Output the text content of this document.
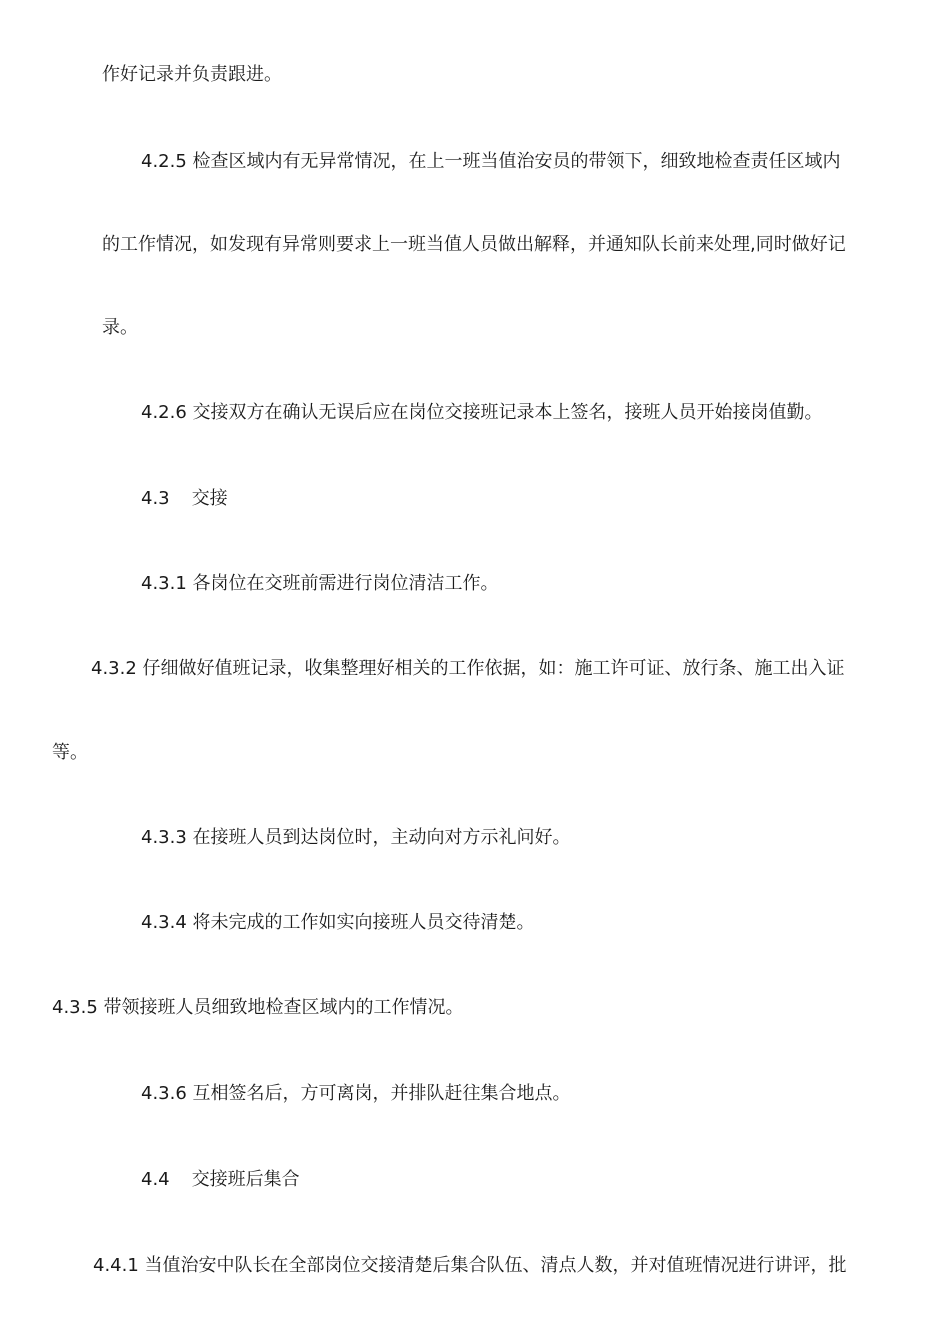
作好记录并负责跟进。
4.2.5 检查区域内有无异常情况，在上一班当值治安员的带领下，细致地检查责任区域内
的工作情况，如发现有异常则要求上一班当值人员做出解释，并通知队长前来处理,同时做好记
录。
4.2.6 交接双方在确认无误后应在岗位交接班记录本上签名，接班人员开始接岗值勤。
4.3 交接
4.3.1 各岗位在交班前需进行岗位清洁工作。
4.3.2 仔细做好值班记录，收集整理好相关的工作依据，如：施工许可证、放行条、施工出入证
等。
4.3.3 在接班人员到达岗位时，主动向对方示礼问好。
4.3.4 将未完成的工作如实向接班人员交待清楚。
4.3.5 带领接班人员细致地检查区域内的工作情况。
4.3.6 互相签名后，方可离岗，并排队赶往集合地点。
4.4 交接班后集合
4.4.1 当值治安中队长在全部岗位交接清楚后集合队伍、清点人数，并对值班情况进行讲评，批
